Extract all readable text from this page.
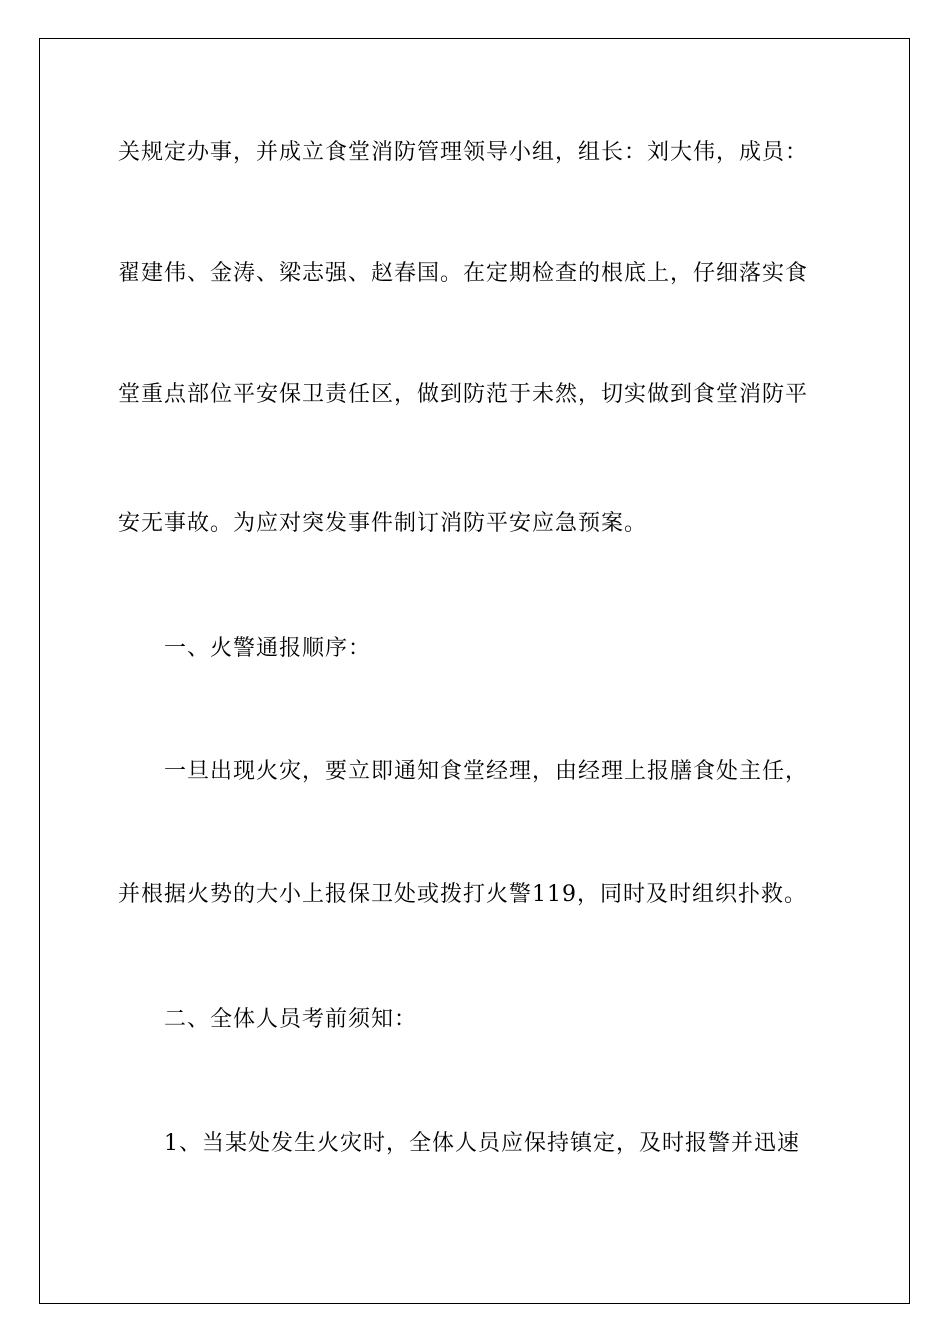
关规定办事，并成立食堂消防管理领导小组，组长：刘大伟，成员：
翟建伟、金涛、梁志强、赵春国。在定期检查的根底上，仔细落实食
堂重点部位平安保卫责任区，做到防范于未然，切实做到食堂消防平
安无事故。为应对突发事件制订消防平安应急预案。
一、火警通报顺序：
一旦出现火灾，要立即通知食堂经理，由经理上报膳食处主任，
并根据火势的大小上报保卫处或拨打火警119，同时及时组织扑救。
二、全体人员考前须知：
1、当某处发生火灾时，全体人员应保持镇定，及时报警并迅速
